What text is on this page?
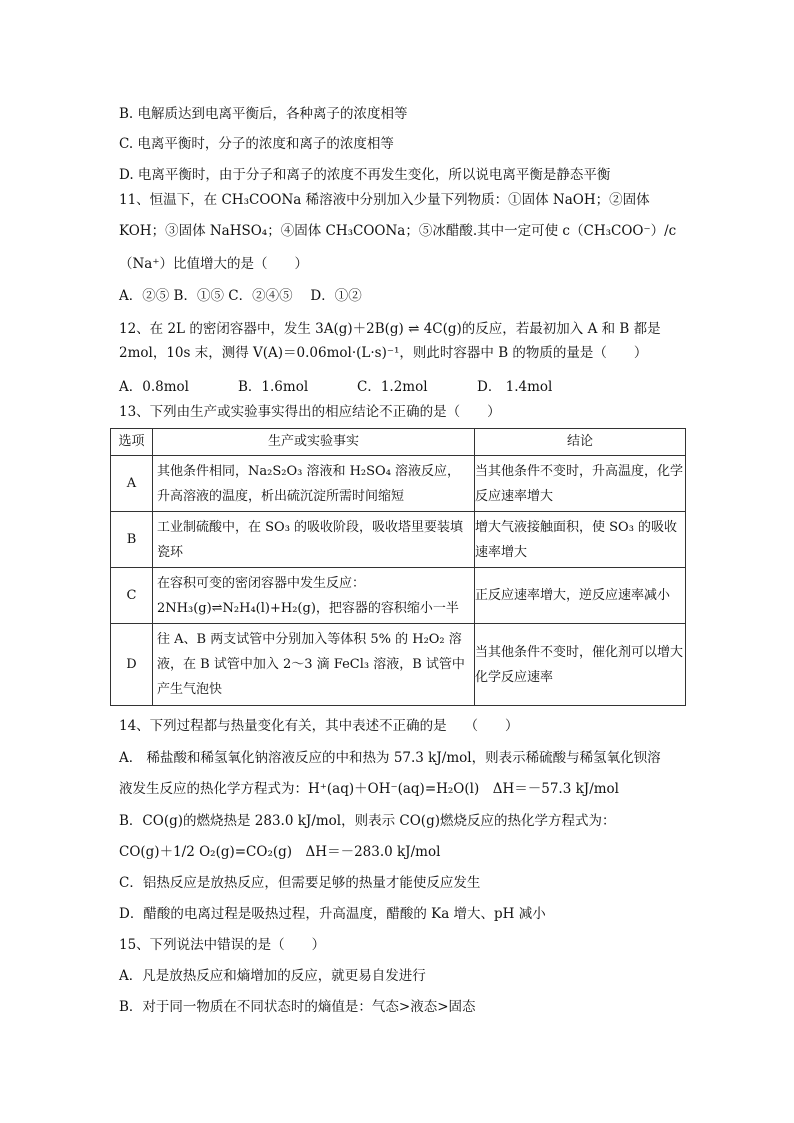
B. 电解质达到电离平衡后，各种离子的浓度相等
C. 电离平衡时，分子的浓度和离子的浓度相等
D. 电离平衡时，由于分子和离子的浓度不再发生变化，所以说电离平衡是静态平衡
11、恒温下，在 CH₃COONa 稀溶液中分别加入少量下列物质：①固体 NaOH；②固体
KOH；③固体 NaHSO₄；④固体 CH₃COONa；⑤冰醋酸.其中一定可使 c（CH₃COO⁻）/c
（Na⁺）比值增大的是（　　）
A．②⑤ B．①⑤ C．②④⑤　 D．①②
12、在 2L 的密闭容器中，发生 3A(g)＋2B(g) ⇌ 4C(g)的反应，若最初加入 A 和 B 都是
2mol，10s 末，测得 V(A)＝0.06mol·(L·s)⁻¹，则此时容器中 B 的物质的量是（　　）
A．0.8mol	B．1.6mol	C．1.2mol	D． 1.4mol
13、下列由生产或实验事实得出的相应结论不正确的是（　　）
选项	生产或实验事实	结论
A	其他条件相同，Na₂S₂O₃ 溶液和 H₂SO₄ 溶液反应，升高溶液的温度，析出硫沉淀所需时间缩短	当其他条件不变时，升高温度，化学反应速率增大
B	工业制硫酸中，在 SO₃ 的吸收阶段，吸收塔里要装填瓷环	增大气液接触面积，使 SO₃ 的吸收速率增大
C	在容积可变的密闭容器中发生反应：2NH₃(g)⇌N₂H₄(l)+H₂(g)，把容器的容积缩小一半	正反应速率增大，逆反应速率减小
D	往 A、B 两支试管中分别加入等体积 5% 的 H₂O₂ 溶液，在 B 试管中加入 2～3 滴 FeCl₃ 溶液，B 试管中产生气泡快	当其他条件不变时，催化剂可以增大化学反应速率
14、下列过程都与热量变化有关，其中表述不正确的是　 （　　）
A． 稀盐酸和稀氢氧化钠溶液反应的中和热为 57.3 kJ/mol，则表示稀硫酸与稀氢氧化钡溶
液发生反应的热化学方程式为：H⁺(aq)＋OH⁻(aq)=H₂O(l)　ΔH＝－57.3 kJ/mol
B．CO(g)的燃烧热是 283.0 kJ/mol，则表示 CO(g)燃烧反应的热化学方程式为：
CO(g)＋1/2 O₂(g)=CO₂(g)　ΔH＝－283.0 kJ/mol
C．铝热反应是放热反应，但需要足够的热量才能使反应发生
D．醋酸的电离过程是吸热过程，升高温度，醋酸的 Ka 增大、pH 减小
15、下列说法中错误的是（　　）
A．凡是放热反应和熵增加的反应，就更易自发进行
B．对于同一物质在不同状态时的熵值是：气态>液态>固态
